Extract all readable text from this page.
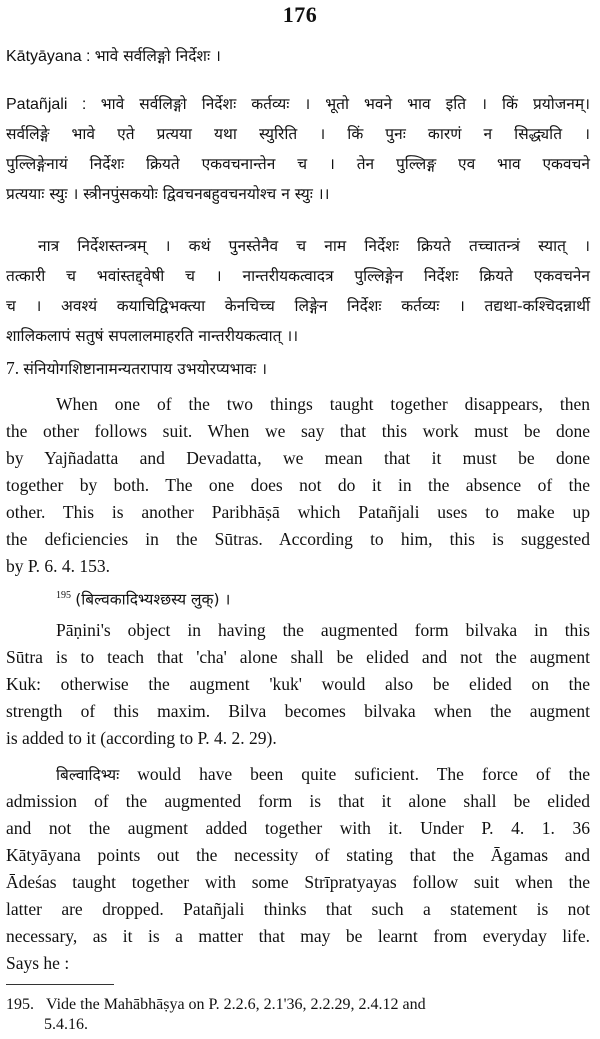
176
Kātyāyana : भावे सर्वलिङ्गो निर्देशः ।
Patañjali : भावे सर्वलिङ्गो निर्देशः कर्तव्यः । भूतो भवने भाव इति । किं प्रयोजनम्।
सर्वलिङ्गे भावे एते प्रत्यया यथा स्युरिति । किं पुनः कारणं न सिद्ध्यति ।
पुल्लिङ्गेनायं निर्देशः क्रियते एकवचनान्तेन च । तेन पुल्लिङ्ग एव भाव एकवचने
प्रत्ययाः स्युः । स्त्रीनपुंसकयोः द्विवचनबहुवचनयोश्च न स्युः ।।
नात्र निर्देशस्तन्त्रम् । कथं पुनस्तेनैव च नाम निर्देशः क्रियते तच्चातन्त्रं स्यात् ।
तत्कारी च भवांस्तद्द्वेषी च । नान्तरीयकत्वादत्र पुल्लिङ्गेन निर्देशः क्रियते एकवचनेन
च । अवश्यं कयाचिद्विभक्त्या केनचिच्च लिङ्गेन निर्देशः कर्तव्यः । तद्यथा-कश्चिदन्नार्थी
शालिकलापं सतुषं सपलालमाहरति नान्तरीयकत्वात् ।।
7. संनियोगशिष्टानामन्यतरापाय उभयोरप्यभावः ।
When one of the two things taught together disappears, then
the other follows suit. When we say that this work must be done
by Yajñadatta and Devadatta, we mean that it must be done
together by both. The one does not do it in the absence of the
other. This is another Paribhāṣā which Patañjali uses to make up
the deficiencies in the Sūtras. According to him, this is suggested
by P. 6. 4. 153.
$^{195}$ (बिल्वकादिभ्यश्छस्य लुक्) ।
Pāṇini's object in having the augmented form bilvaka in this
Sūtra is to teach that 'cha' alone shall be elided and not the augment
Kuk: otherwise the augment 'kuk' would also be elided on the
strength of this maxim. Bilva becomes bilvaka when the augment
is added to it (according to P. 4. 2. 29).
बिल्वादिभ्यः would have been quite suficient. The force of the
admission of the augmented form is that it alone shall be elided
and not the augment added together with it. Under P. 4. 1. 36
Kātyāyana points out the necessity of stating that the Āgamas and
Ādeśas taught together with some Strīpratyayas follow suit when the
latter are dropped. Patañjali thinks that such a statement is not
necessary, as it is a matter that may be learnt from everyday life.
Says he :
195. Vide the Mahābhāṣya on P. 2.2.6, 2.1'36, 2.2.29, 2.4.12 and
5.4.16.
